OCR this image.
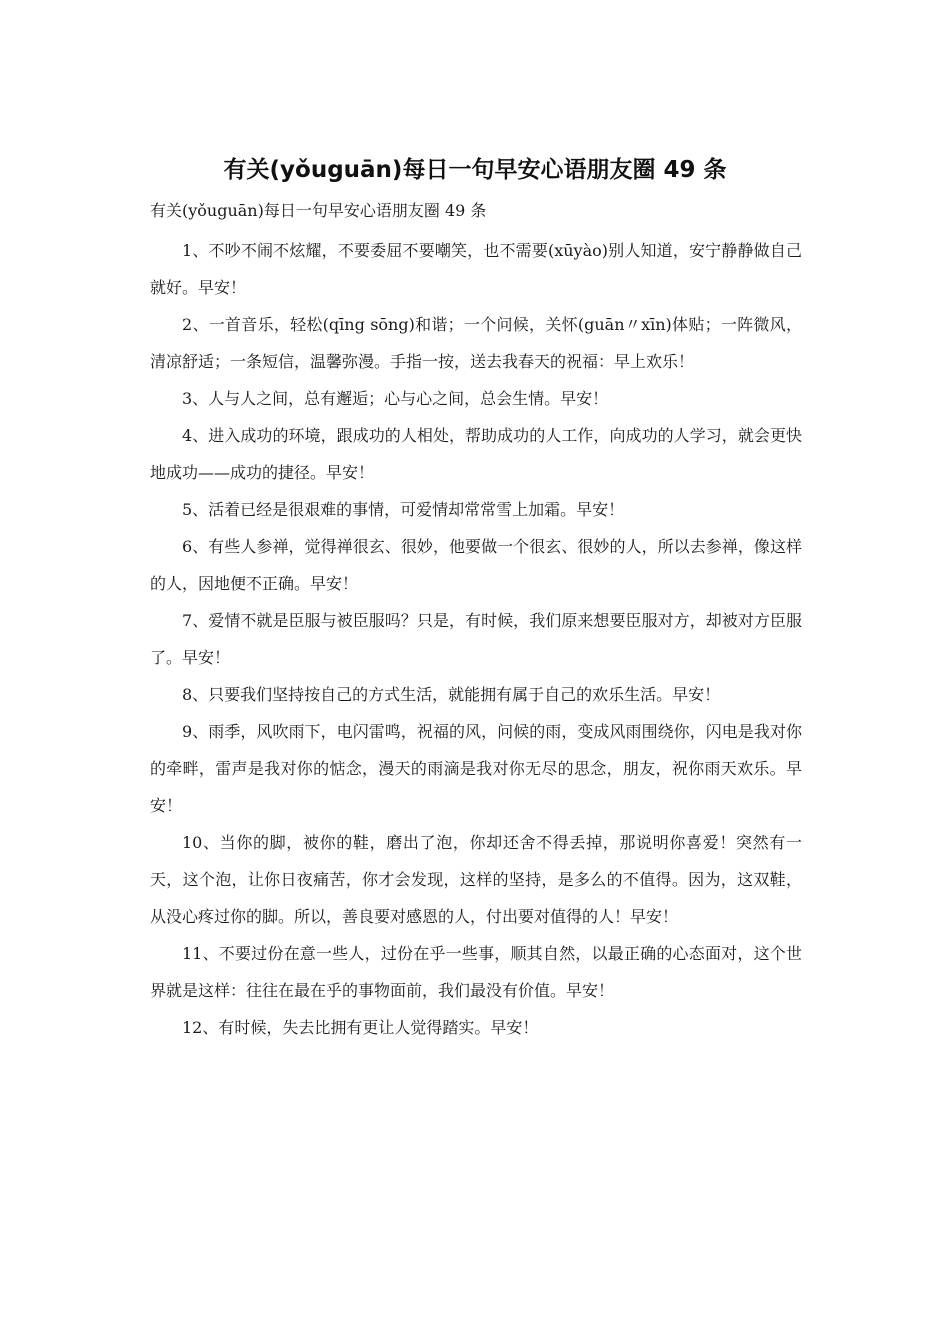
有关(yǒuguān)每日一句早安心语朋友圈 49 条
有关(yǒuguān)每日一句早安心语朋友圈 49 条

1、不吵不闹不炫耀，不要委屈不要嘲笑，也不需要(xūyào)别人知道，安宁静静做自己就好。早安！

2、一首音乐，轻松(qīng sōng)和谐；一个问候，关怀(guān〃xīn)体贴；一阵微风，清凉舒适；一条短信，温馨弥漫。手指一按，送去我春天的祝福：早上欢乐！

3、人与人之间，总有邂逅；心与心之间，总会生情。早安！

4、进入成功的环境，跟成功的人相处，帮助成功的人工作，向成功的人学习，就会更快地成功——成功的捷径。早安！

5、活着已经是很艰难的事情，可爱情却常常雪上加霜。早安！

6、有些人参禅，觉得禅很玄、很妙，他要做一个很玄、很妙的人，所以去参禅，像这样的人，因地便不正确。早安！

7、爱情不就是臣服与被臣服吗？只是，有时候，我们原来想要臣服对方，却被对方臣服了。早安！

8、只要我们坚持按自己的方式生活，就能拥有属于自己的欢乐生活。早安！

9、雨季，风吹雨下，电闪雷鸣，祝福的风，问候的雨，变成风雨围绕你，闪电是我对你的牵畔，雷声是我对你的惦念，漫天的雨滴是我对你无尽的思念，朋友，祝你雨天欢乐。早安！

10、当你的脚，被你的鞋，磨出了泡，你却还舍不得丢掉，那说明你喜爱！突然有一天，这个泡，让你日夜痛苦，你才会发现，这样的坚持，是多么的不值得。因为，这双鞋，从没心疼过你的脚。所以，善良要对感恩的人，付出要对值得的人！早安！

11、不要过份在意一些人，过份在乎一些事，顺其自然，以最正确的心态面对，这个世界就是这样：往往在最在乎的事物面前，我们最没有价值。早安！

12、有时候，失去比拥有更让人觉得踏实。早安！
